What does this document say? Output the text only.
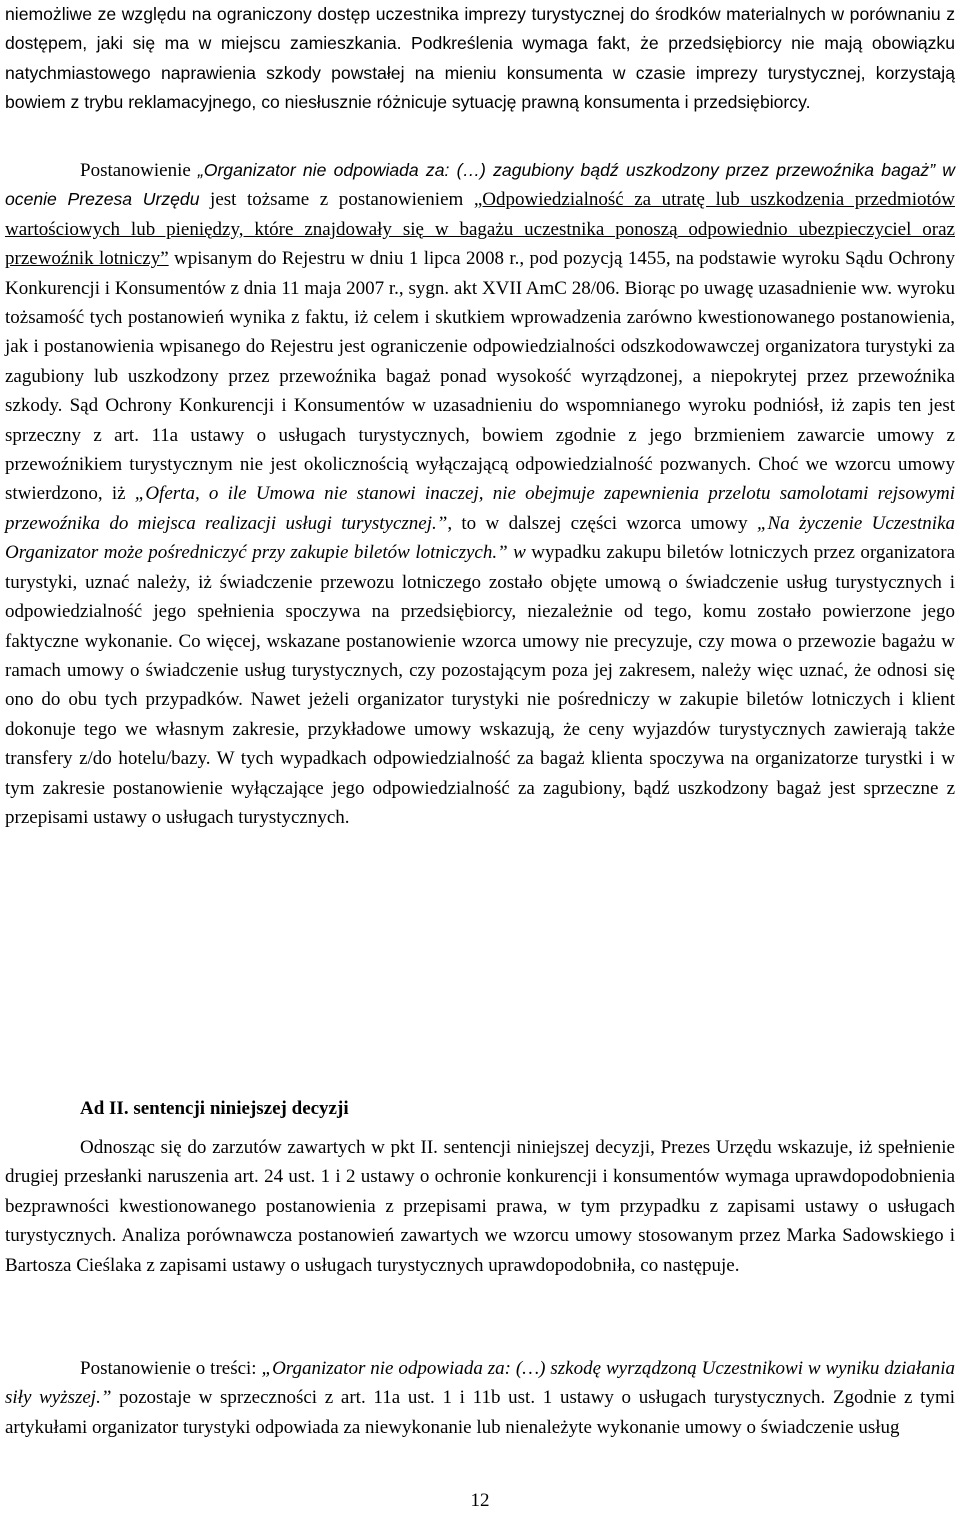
niemożliwe ze względu na ograniczony dostęp uczestnika imprezy turystycznej do środków materialnych w porównaniu z dostępem, jaki się ma w miejscu zamieszkania. Podkreślenia wymaga fakt, że przedsiębiorcy nie mają obowiązku natychmiastowego naprawienia szkody powstałej na mieniu konsumenta w czasie imprezy turystycznej, korzystają bowiem z trybu reklamacyjnego, co niesłusznie różnicuje sytuację prawną konsumenta i przedsiębiorcy.

Postanowienie „Organizator nie odpowiada za: (…) zagubiony bądź uszkodzony przez przewoźnika bagaż” w ocenie Prezesa Urzędu jest tożsame z postanowieniem „Odpowiedzialność za utratę lub uszkodzenia przedmiotów wartościowych lub pieniędzy, które znajdowały się w bagażu uczestnika ponoszą odpowiednio ubezpieczyciel oraz przewoźnik lotniczy” wpisanym do Rejestru w dniu 1 lipca 2008 r., pod pozycją 1455, na podstawie wyroku Sądu Ochrony Konkurencji i Konsumentów z dnia 11 maja 2007 r., sygn. akt XVII AmC 28/06. Biorąc po uwagę uzasadnienie ww. wyroku tożsamość tych postanowień wynika z faktu, iż celem i skutkiem wprowadzenia zarówno kwestionowanego postanowienia, jak i postanowienia wpisanego do Rejestru jest ograniczenie odpowiedzialności odszkodowawczej organizatora turystyki za zagubiony lub uszkodzony przez przewoźnika bagaż ponad wysokość wyrządzonej, a niepokrytej przez przewoźnika szkody. Sąd Ochrony Konkurencji i Konsumentów w uzasadnieniu do wspomnianego wyroku podniósł, iż zapis ten jest sprzeczny z art. 11a ustawy o usługach turystycznych, bowiem zgodnie z jego brzmieniem zawarcie umowy z przewoźnikiem turystycznym nie jest okolicznością wyłączającą odpowiedzialność pozwanych. Choć we wzorcu umowy stwierdzono, iż „Oferta, o ile Umowa nie stanowi inaczej, nie obejmuje zapewnienia przelotu samolotami rejsowymi przewoźnika do miejsca realizacji usługi turystycznej.”, to w dalszej części wzorca umowy „Na życzenie Uczestnika Organizator może pośredniczyć przy zakupie biletów lotniczych.” w wypadku zakupu biletów lotniczych przez organizatora turystyki, uznać należy, iż świadczenie przewozu lotniczego zostało objęte umową o świadczenie usług turystycznych i odpowiedzialność jego spełnienia spoczywa na przedsiębiorcy, niezależnie od tego, komu zostało powierzone jego faktyczne wykonanie. Co więcej, wskazane postanowienie wzorca umowy nie precyzuje, czy mowa o przewozie bagażu w ramach umowy o świadczenie usług turystycznych, czy pozostającym poza jej zakresem, należy więc uznać, że odnosi się ono do obu tych przypadków. Nawet jeżeli organizator turystyki nie pośredniczy w zakupie biletów lotniczych i klient dokonuje tego we własnym zakresie, przykładowe umowy wskazują, że ceny wyjazdów turystycznych zawierają także transfery z/do hotelu/bazy. W tych wypadkach odpowiedzialność za bagaż klienta spoczywa na organizatorze turystki i w tym zakresie postanowienie wyłączające jego odpowiedzialność za zagubiony, bądź uszkodzony bagaż jest sprzeczne z przepisami ustawy o usługach turystycznych.

Ad II. sentencji niniejszej decyzji

Odnosząc się do zarzutów zawartych w pkt II. sentencji niniejszej decyzji, Prezes Urzędu wskazuje, iż spełnienie drugiej przesłanki naruszenia art. 24 ust. 1 i 2 ustawy o ochronie konkurencji i konsumentów wymaga uprawdopodobnienia bezprawności kwestionowanego postanowienia z przepisami prawa, w tym przypadku z zapisami ustawy o usługach turystycznych. Analiza porównawcza postanowień zawartych we wzorcu umowy stosowanym przez Marka Sadowskiego i Bartosza Cieślaka z zapisami ustawy o usługach turystycznych uprawdopodobniła, co następuje.

Postanowienie o treści: „Organizator nie odpowiada za: (…) szkodę wyrządzoną Uczestnikowi w wyniku działania siły wyższej.” pozostaje w sprzeczności z art. 11a ust. 1 i 11b ust. 1 ustawy o usługach turystycznych. Zgodnie z tymi artykułami organizator turystyki odpowiada za niewykonanie lub nienależyte wykonanie umowy o świadczenie usług

12
